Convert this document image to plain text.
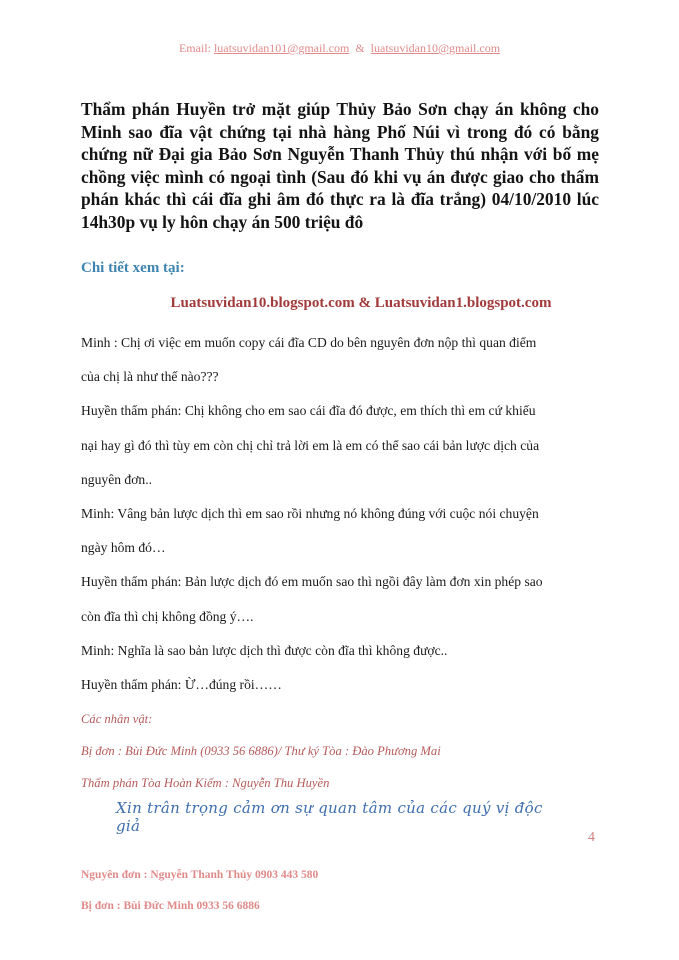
Email: luatsuvidan101@gmail.com  &  luatsuvidan10@gmail.com
Thẩm phán Huyền trở mặt giúp Thủy Bảo Sơn chạy án không cho Minh sao đĩa vật chứng tại nhà hàng Phố Núi vì trong đó có bằng chứng nữ Đại gia Bảo Sơn Nguyễn Thanh Thủy thú nhận với bố mẹ chồng việc mình có ngoại tình (Sau đó khi vụ án được giao cho thẩm phán khác thì cái đĩa ghi âm đó thực ra là đĩa trắng) 04/10/2010 lúc 14h30p vụ ly hôn chạy án 500 triệu đô
Chi tiết xem tại:
Luatsuvidan10.blogspot.com & Luatsuvidan1.blogspot.com

Minh : Chị ơi việc em muốn copy cái đĩa CD do bên nguyên đơn nộp thì quan điểm

của chị là như thế nào???

Huyền thẩm phán: Chị không cho em sao cái đĩa đó được, em thích thì em cứ khiếu

nại hay gì đó thì tùy em còn chị chỉ trả lời em là em có thể sao cái bản lược dịch của

nguyên đơn..

Minh: Vâng bản lược dịch thì em sao rồi nhưng nó không đúng với cuộc nói chuyện

ngày hôm đó…

Huyền thẩm phán: Bản lược dịch đó em muốn sao thì ngồi đây làm đơn xin phép sao

còn đĩa thì chị không đồng ý….

Minh: Nghĩa là sao bản lược dịch thì được còn đĩa thì không được..

Huyền thẩm phán: Ừ…đúng rồi……

Các nhân vật:

Bị đơn : Bùi Đức Minh (0933 56 6886)/ Thư ký Tòa : Đào Phương Mai

Thẩm phán Tòa Hoàn Kiếm : Nguyễn Thu Huyền

Xin trân trọng cảm ơn sự quan tâm của các quý vị độc giả
4

Nguyên đơn : Nguyễn Thanh Thủy 0903 443 580

Bị đơn : Bùi Đức Minh 0933 56 6886
